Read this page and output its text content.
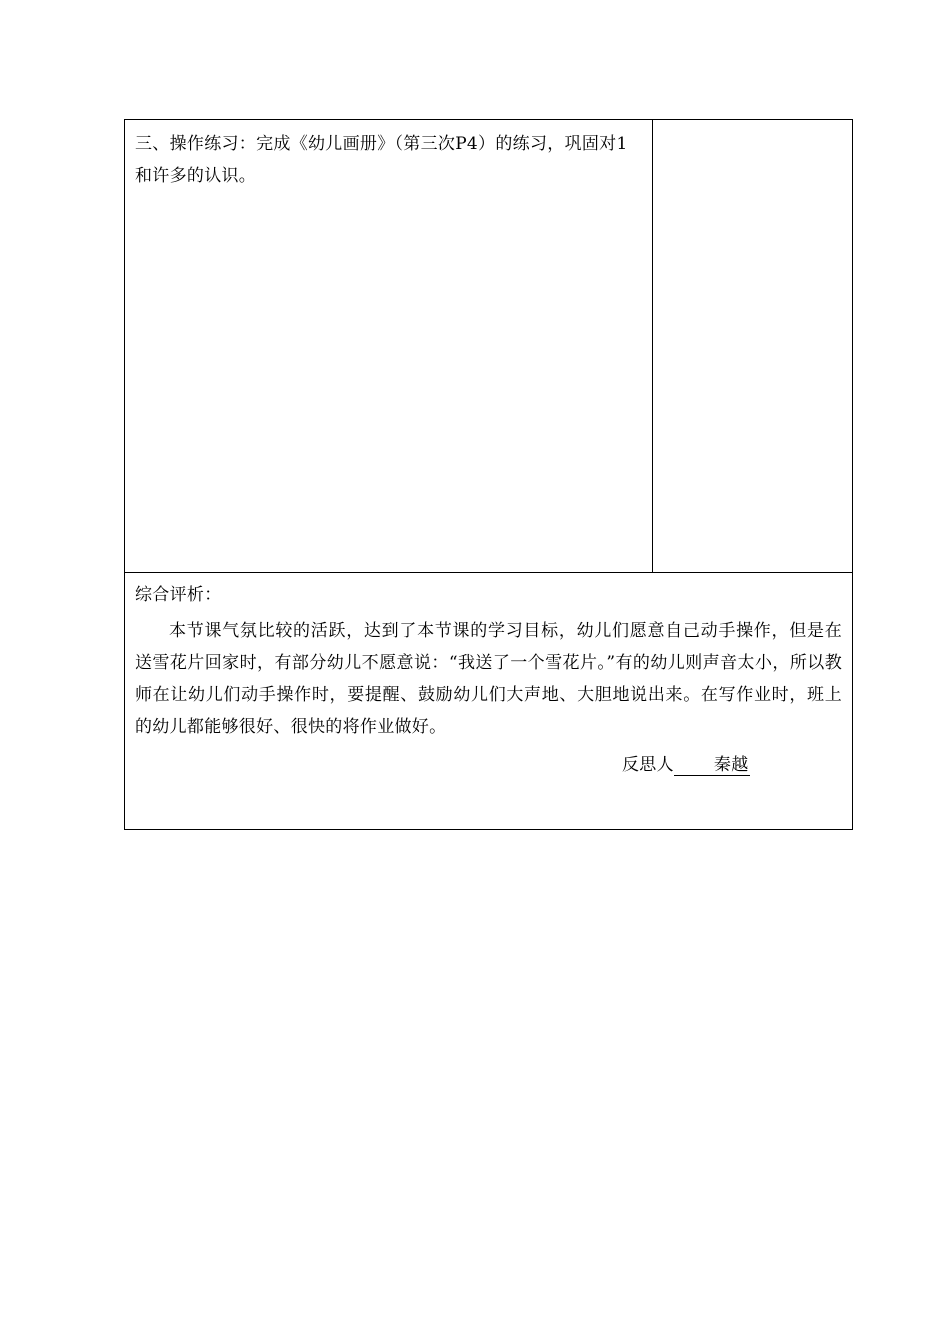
三、操作练习：完成《幼儿画册》（第三次P4）的练习，巩固对1和许多的认识。

综合评析：
本节课气氛比较的活跃，达到了本节课的学习目标，幼儿们愿意自己动手操作，但是在送雪花片回家时，有部分幼儿不愿意说：“我送了一个雪花片。”有的幼儿则声音太小，所以教师在让幼儿们动手操作时，要提醒、鼓励幼儿们大声地、大胆地说出来。在写作业时，班上的幼儿都能够很好、很快的将作业做好。
反思人 秦越
